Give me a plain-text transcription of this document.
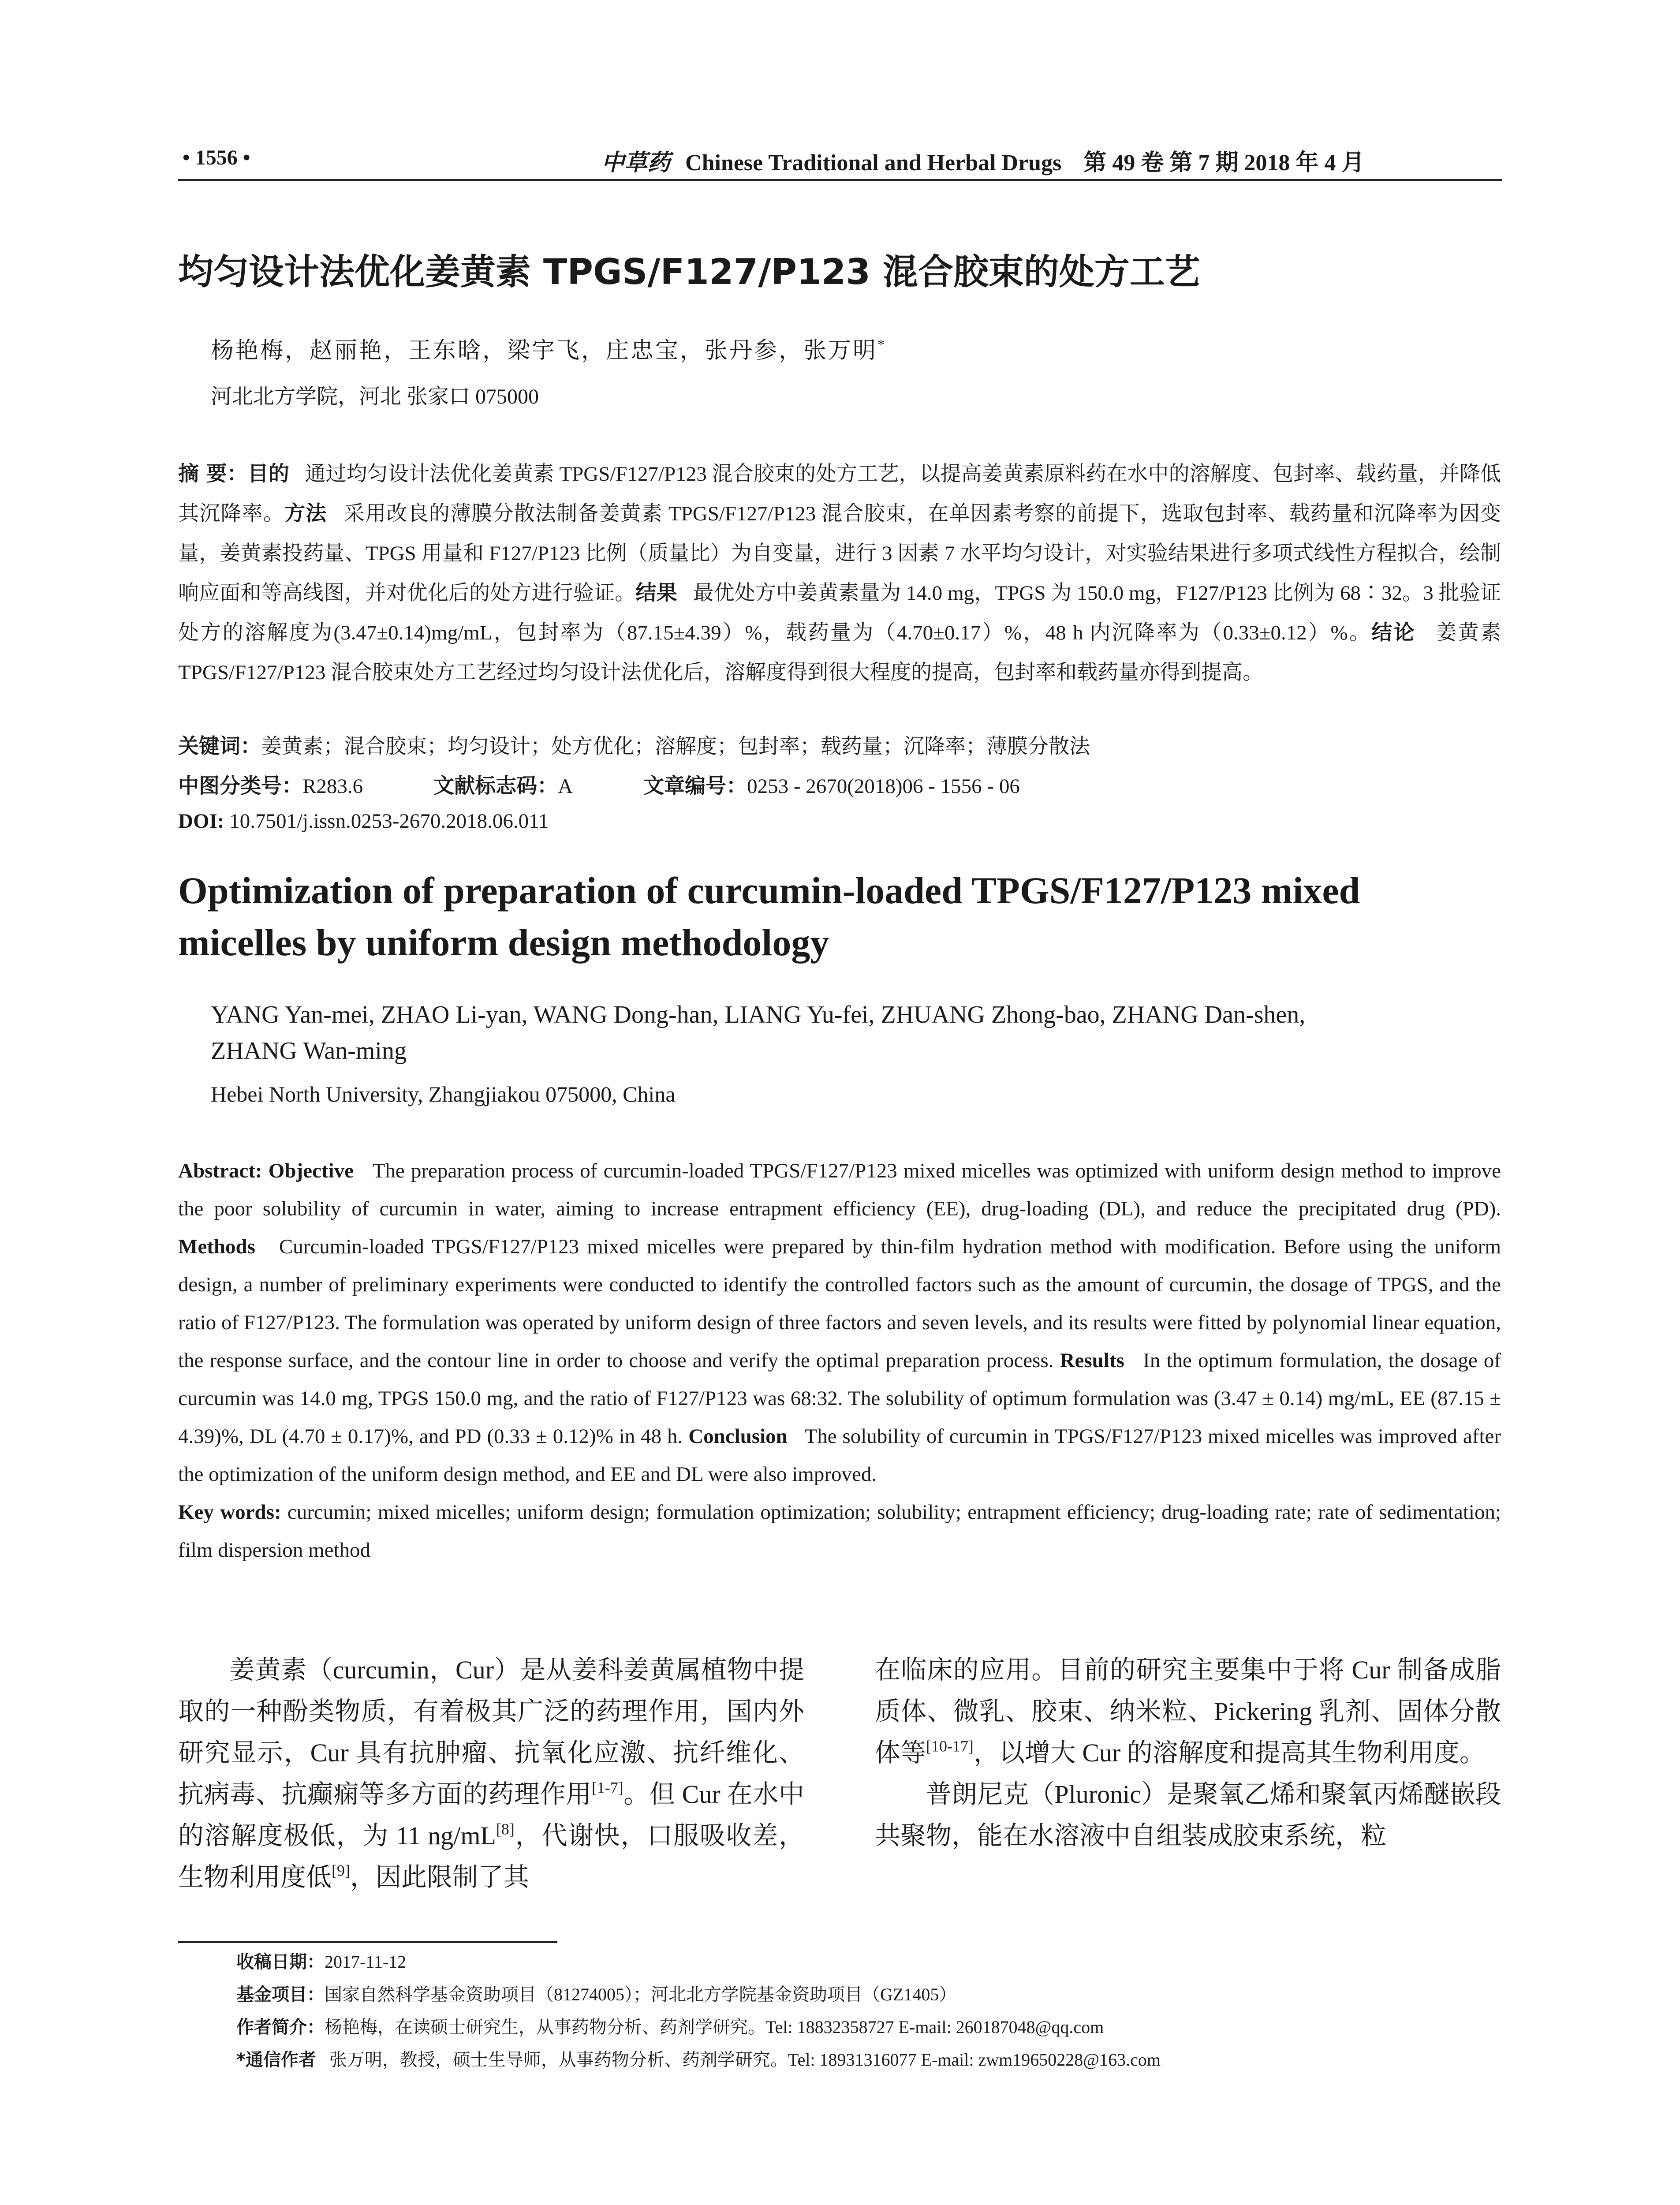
• 1556 •	中草药 Chinese Traditional and Herbal Drugs 第 49 卷 第 7 期 2018 年 4 月
均匀设计法优化姜黄素 TPGS/F127/P123 混合胶束的处方工艺
杨艳梅，赵丽艳，王东晗，梁宇飞，庄忠宝，张丹参，张万明*
河北北方学院，河北 张家口 075000
摘 要：目的 通过均匀设计法优化姜黄素 TPGS/F127/P123 混合胶束的处方工艺，以提高姜黄素原料药在水中的溶解度、包封率、载药量，并降低其沉降率。方法 采用改良的薄膜分散法制备姜黄素 TPGS/F127/P123 混合胶束，在单因素考察的前提下，选取包封率、载药量和沉降率为因变量，姜黄素投药量、TPGS 用量和 F127/P123 比例（质量比）为自变量，进行 3 因素 7 水平均匀设计，对实验结果进行多项式线性方程拟合，绘制响应面和等高线图，并对优化后的处方进行验证。结果 最优处方中姜黄素量为 14.0 mg，TPGS 为 150.0 mg，F127/P123 比例为 68∶32。3 批验证处方的溶解度为(3.47±0.14)mg/mL，包封率为（87.15±4.39）%，载药量为（4.70±0.17）%，48 h 内沉降率为（0.33±0.12）%。结论 姜黄素 TPGS/F127/P123 混合胶束处方工艺经过均匀设计法优化后，溶解度得到很大程度的提高，包封率和载药量亦得到提高。
关键词：姜黄素；混合胶束；均匀设计；处方优化；溶解度；包封率；载药量；沉降率；薄膜分散法
中图分类号：R283.6	文献标志码：A	文章编号：0253 - 2670(2018)06 - 1556 - 06
DOI: 10.7501/j.issn.0253-2670.2018.06.011
Optimization of preparation of curcumin-loaded TPGS/F127/P123 mixed
micelles by uniform design methodology
YANG Yan-mei, ZHAO Li-yan, WANG Dong-han, LIANG Yu-fei, ZHUANG Zhong-bao, ZHANG Dan-shen,
ZHANG Wan-ming
Hebei North University, Zhangjiakou 075000, China
Abstract: Objective The preparation process of curcumin-loaded TPGS/F127/P123 mixed micelles was optimized with uniform design method to improve the poor solubility of curcumin in water, aiming to increase entrapment efficiency (EE), drug-loading (DL), and reduce the precipitated drug (PD). Methods Curcumin-loaded TPGS/F127/P123 mixed micelles were prepared by thin-film hydration method with modification. Before using the uniform design, a number of preliminary experiments were conducted to identify the controlled factors such as the amount of curcumin, the dosage of TPGS, and the ratio of F127/P123. The formulation was operated by uniform design of three factors and seven levels, and its results were fitted by polynomial linear equation, the response surface, and the contour line in order to choose and verify the optimal preparation process. Results In the optimum formulation, the dosage of curcumin was 14.0 mg, TPGS 150.0 mg, and the ratio of F127/P123 was 68:32. The solubility of optimum formulation was (3.47 ± 0.14) mg/mL, EE (87.15 ± 4.39)%, DL (4.70 ± 0.17)%, and PD (0.33 ± 0.12)% in 48 h. Conclusion The solubility of curcumin in TPGS/F127/P123 mixed micelles was improved after the optimization of the uniform design method, and EE and DL were also improved.
Key words: curcumin; mixed micelles; uniform design; formulation optimization; solubility; entrapment efficiency; drug-loading rate; rate of sedimentation; film dispersion method

姜黄素（curcumin，Cur）是从姜科姜黄属植物中提取的一种酚类物质，有着极其广泛的药理作用，国内外研究显示，Cur 具有抗肿瘤、抗氧化应激、抗纤维化、抗病毒、抗癫痫等多方面的药理作用[1-7]。但 Cur 在水中的溶解度极低，为 11 ng/mL[8]，代谢快，口服吸收差，生物利用度低[9]，因此限制了其

在临床的应用。目前的研究主要集中于将 Cur 制备成脂质体、微乳、胶束、纳米粒、Pickering 乳剂、固体分散体等[10-17]，以增大 Cur 的溶解度和提高其生物利用度。

普朗尼克（Pluronic）是聚氧乙烯和聚氧丙烯醚嵌段共聚物，能在水溶液中自组装成胶束系统，粒

收稿日期：2017-11-12
基金项目：国家自然科学基金资助项目（81274005）；河北北方学院基金资助项目（GZ1405）
作者简介：杨艳梅，在读硕士研究生，从事药物分析、药剂学研究。Tel: 18832358727 E-mail: 260187048@qq.com
*通信作者 张万明，教授，硕士生导师，从事药物分析、药剂学研究。Tel: 18931316077 E-mail: zwm19650228@163.com
